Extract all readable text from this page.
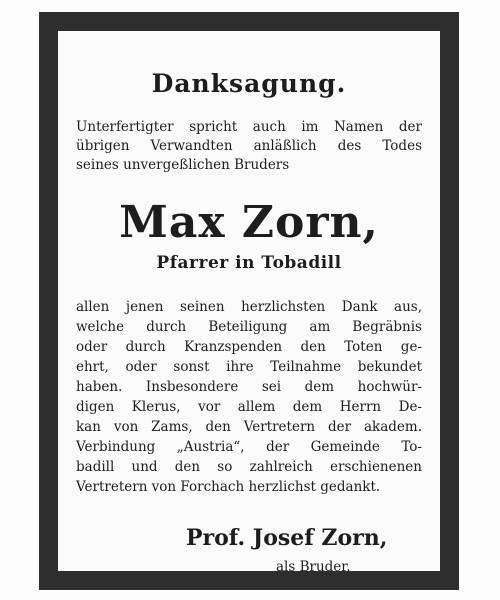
Danksagung.
Unterfertigter spricht auch im Namen der
übrigen Verwandten anläßlich des Todes
seines unvergeßlichen Bruders
Max Zorn,
Pfarrer in Tobadill
allen jenen seinen herzlichsten Dank aus,
welche durch Beteiligung am Begräbnis
oder durch Kranzspenden den Toten ge-
ehrt, oder sonst ihre Teilnahme bekundet
haben. Insbesondere sei dem hochwür-
digen Klerus, vor allem dem Herrn De-
kan von Zams, den Vertretern der akadem.
Verbindung „Austria“, der Gemeinde To-
badill und den so zahlreich erschienenen
Vertretern von Forchach herzlichst gedankt.
Prof. Josef Zorn,
als Bruder.
